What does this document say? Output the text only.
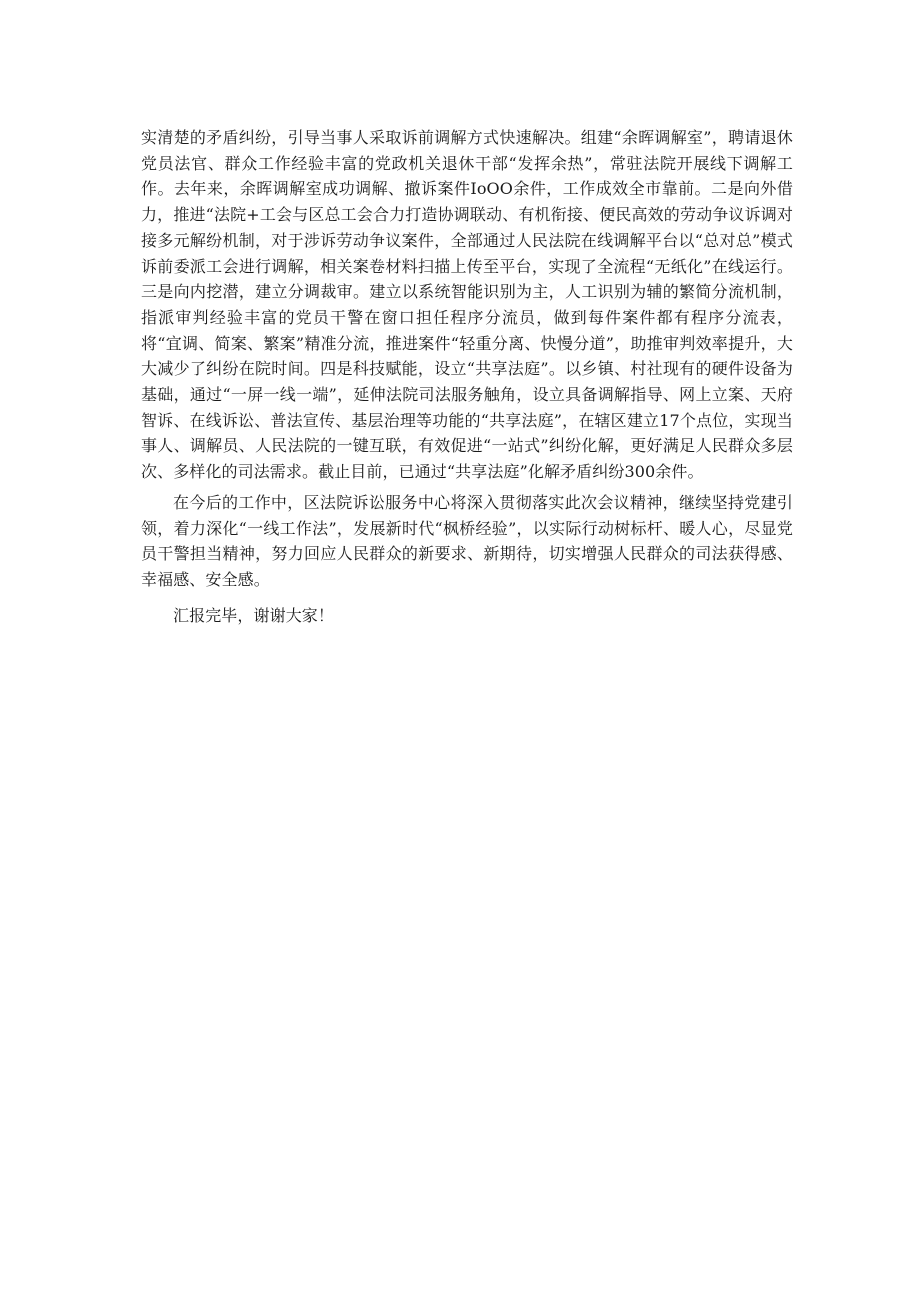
实清楚的矛盾纠纷，引导当事人采取诉前调解方式快速解决。组建“余晖调解室”，聘请退休党员法官、群众工作经验丰富的党政机关退休干部“发挥余热”，常驻法院开展线下调解工作。去年来，余晖调解室成功调解、撤诉案件IoOO余件，工作成效全市靠前。二是向外借力，推进“法院+工会与区总工会合力打造协调联动、有机衔接、便民高效的劳动争议诉调对接多元解纷机制，对于涉诉劳动争议案件，全部通过人民法院在线调解平台以“总对总”模式诉前委派工会进行调解，相关案卷材料扫描上传至平台，实现了全流程“无纸化”在线运行。三是向内挖潜，建立分调裁审。建立以系统智能识别为主，人工识别为辅的繁简分流机制，指派审判经验丰富的党员干警在窗口担任程序分流员，做到每件案件都有程序分流表，将“宜调、简案、繁案”精准分流，推进案件“轻重分离、快慢分道”，助推审判效率提升，大大减少了纠纷在院时间。四是科技赋能，设立“共享法庭”。以乡镇、村社现有的硬件设备为基础，通过“一屏一线一端”，延伸法院司法服务触角，设立具备调解指导、网上立案、天府智诉、在线诉讼、普法宣传、基层治理等功能的“共享法庭”，在辖区建立17个点位，实现当事人、调解员、人民法院的一键互联，有效促进“一站式”纠纷化解，更好满足人民群众多层次、多样化的司法需求。截止目前，已通过“共享法庭”化解矛盾纠纷300余件。

在今后的工作中，区法院诉讼服务中心将深入贯彻落实此次会议精神，继续坚持党建引领，着力深化“一线工作法”，发展新时代“枫桥经验”，以实际行动树标杆、暖人心，尽显党员干警担当精神，努力回应人民群众的新要求、新期待，切实增强人民群众的司法获得感、幸福感、安全感。

汇报完毕，谢谢大家！
